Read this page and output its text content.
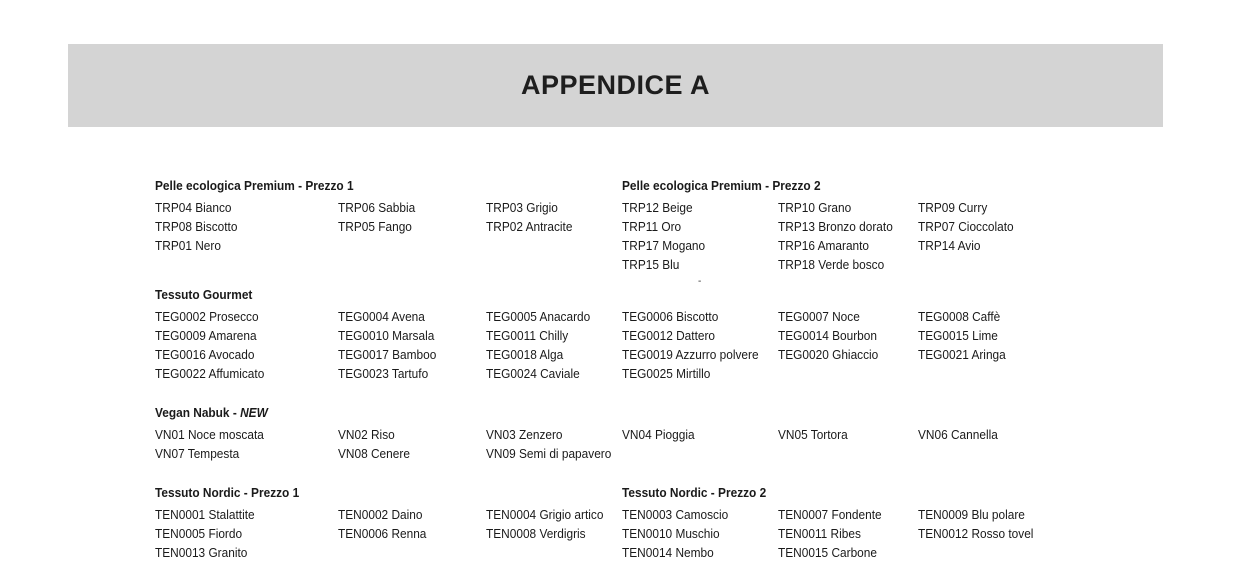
APPENDICE A
Pelle ecologica Premium - Prezzo 1
TRP04 Bianco
TRP08 Biscotto
TRP01 Nero
TRP06 Sabbia
TRP05 Fango
TRP03 Grigio
TRP02 Antracite
Pelle ecologica Premium - Prezzo 2
TRP12 Beige
TRP11 Oro
TRP17 Mogano
TRP15 Blu
TRP10 Grano
TRP13 Bronzo dorato
TRP16 Amaranto
TRP18 Verde bosco
TRP09 Curry
TRP07 Cioccolato
TRP14 Avio
-
Tessuto Gourmet
TEG0002 Prosecco
TEG0009 Amarena
TEG0016 Avocado
TEG0022 Affumicato
TEG0004 Avena
TEG0010 Marsala
TEG0017 Bamboo
TEG0023 Tartufo
TEG0005 Anacardo
TEG0011 Chilly
TEG0018 Alga
TEG0024 Caviale
TEG0006 Biscotto
TEG0012 Dattero
TEG0019 Azzurro polvere
TEG0025 Mirtillo
TEG0007 Noce
TEG0014 Bourbon
TEG0020 Ghiaccio
TEG0008 Caffè
TEG0015 Lime
TEG0021 Aringa
Vegan Nabuk - NEW
VN01 Noce moscata
VN07 Tempesta
VN02 Riso
VN08 Cenere
VN03 Zenzero
VN09 Semi di papavero
VN04 Pioggia	VN05 Tortora	VN06 Cannella
Tessuto Nordic - Prezzo 1
TEN0001 Stalattite
TEN0005 Fiordo
TEN0013 Granito
TEN0002 Daino
TEN0006 Renna
TEN0004 Grigio artico
TEN0008 Verdigris
Tessuto Nordic - Prezzo 2
TEN0003 Camoscio
TEN0010 Muschio
TEN0014 Nembo
TEN0007 Fondente
TEN0011 Ribes
TEN0015 Carbone
TEN0009 Blu polare
TEN0012 Rosso tovel
